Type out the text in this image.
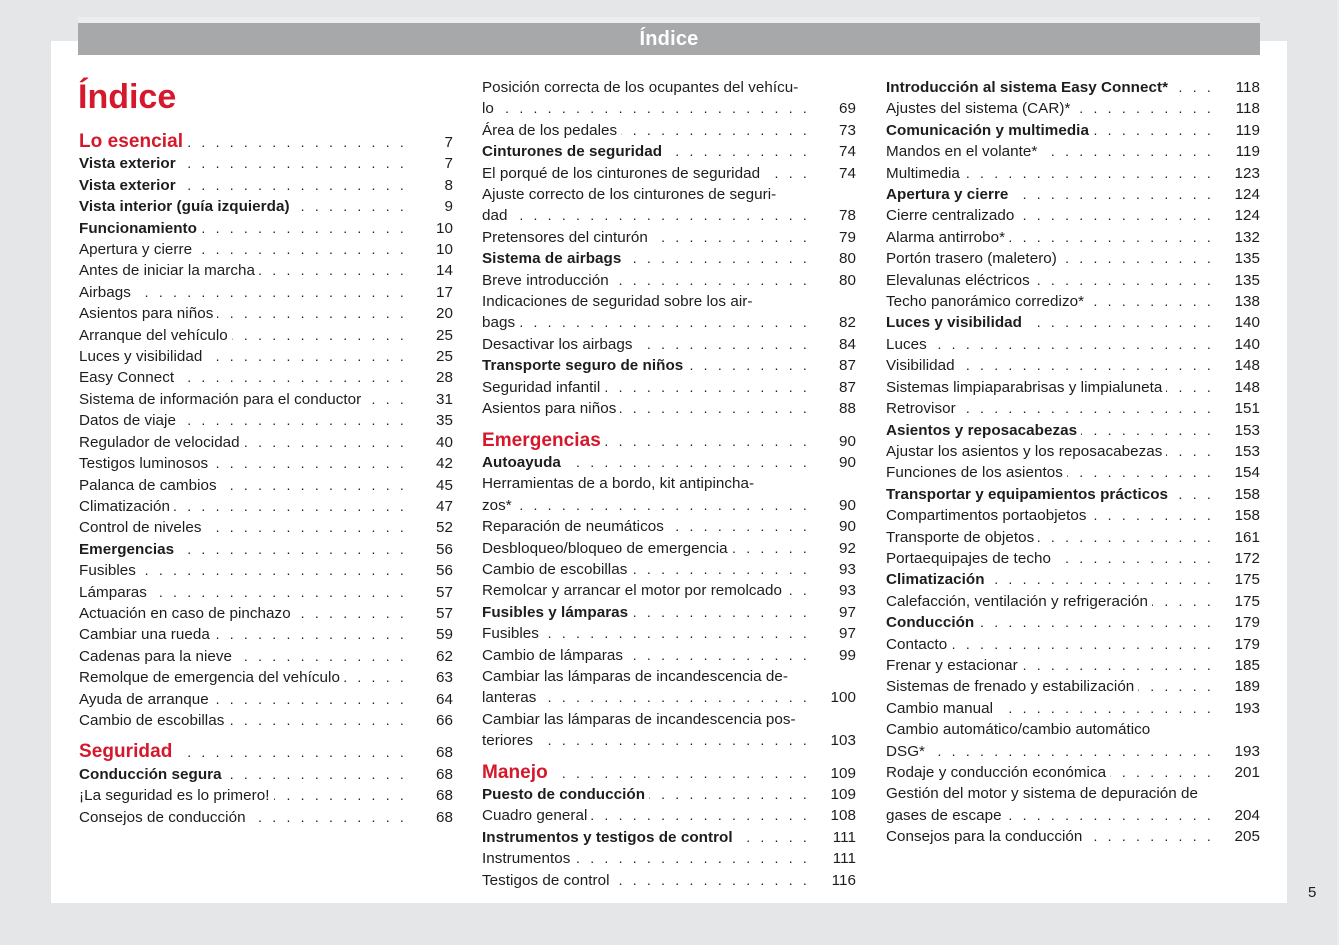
Índice
Índice
Lo esencial . . .	7
Vista exterior . . .	7
Vista exterior . . .	8
Vista interior (guía izquierda) . . .	9
Funcionamiento . . .	10
Apertura y cierre . . .	10
Antes de iniciar la marcha . . .	14
Airbags . . .	17
Asientos para niños . . .	20
Arranque del vehículo . . .	25
Luces y visibilidad . . .	25
Easy Connect . . .	28
Sistema de información para el conductor . . .	31
Datos de viaje . . .	35
Regulador de velocidad . . .	40
Testigos luminosos . . .	42
Palanca de cambios . . .	45
Climatización . . .	47
Control de niveles . . .	52
Emergencias . . .	56
Fusibles . . .	56
Lámparas . . .	57
Actuación en caso de pinchazo . . .	57
Cambiar una rueda . . .	59
Cadenas para la nieve . . .	62
Remolque de emergencia del vehículo . . .	63
Ayuda de arranque . . .	64
Cambio de escobillas . . .	66
Seguridad . . .	68
Conducción segura . . .	68
¡La seguridad es lo primero! . . .	68
Consejos de conducción . . .	68
Posición correcta de los ocupantes del vehícu-
lo . . .	69
Área de los pedales . . .	73
Cinturones de seguridad . . .	74
El porqué de los cinturones de seguridad . . .	74
Ajuste correcto de los cinturones de seguri-
dad . . .	78
Pretensores del cinturón . . .	79
Sistema de airbags . . .	80
Breve introducción . . .	80
Indicaciones de seguridad sobre los air-
bags . . .	82
Desactivar los airbags . . .	84
Transporte seguro de niños . . .	87
Seguridad infantil . . .	87
Asientos para niños . . .	88
Emergencias . . .	90
Autoayuda . . .	90
Herramientas de a bordo, kit antipincha-
zos* . . .	90
Reparación de neumáticos . . .	90
Desbloqueo/bloqueo de emergencia . . .	92
Cambio de escobillas . . .	93
Remolcar y arrancar el motor por remolcado . . .	93
Fusibles y lámparas . . .	97
Fusibles . . .	97
Cambio de lámparas . . .	99
Cambiar las lámparas de incandescencia de-
lanteras . . .	100
Cambiar las lámparas de incandescencia pos-
teriores . . .	103
Manejo . . .	109
Puesto de conducción . . .	109
Cuadro general . . .	108
Instrumentos y testigos de control . . .	111
Instrumentos . . .	111
Testigos de control . . .	116
Introducción al sistema Easy Connect* . . .	118
Ajustes del sistema (CAR)* . . .	118
Comunicación y multimedia . . .	119
Mandos en el volante* . . .	119
Multimedia . . .	123
Apertura y cierre . . .	124
Cierre centralizado . . .	124
Alarma antirrobo* . . .	132
Portón trasero (maletero) . . .	135
Elevalunas eléctricos . . .	135
Techo panorámico corredizo* . . .	138
Luces y visibilidad . . .	140
Luces . . .	140
Visibilidad . . .	148
Sistemas limpiaparabrisas y limpialuneta . . .	148
Retrovisor . . .	151
Asientos y reposacabezas . . .	153
Ajustar los asientos y los reposacabezas . . .	153
Funciones de los asientos . . .	154
Transportar y equipamientos prácticos . . .	158
Compartimentos portaobjetos . . .	158
Transporte de objetos . . .	161
Portaequipajes de techo . . .	172
Climatización . . .	175
Calefacción, ventilación y refrigeración . . .	175
Conducción . . .	179
Contacto . . .	179
Frenar y estacionar . . .	185
Sistemas de frenado y estabilización . . .	189
Cambio manual . . .	193
Cambio automático/cambio automático
DSG* . . .	193
Rodaje y conducción económica . . .	201
Gestión del motor y sistema de depuración de
gases de escape . . .	204
Consejos para la conducción . . .	205
5
